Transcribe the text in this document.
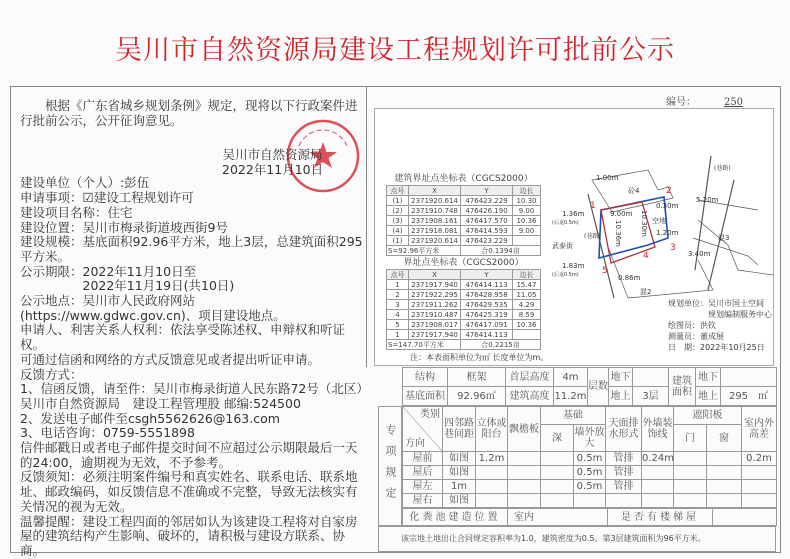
吴川市自然资源局建设工程规划许可批前公示
编号：	250

根据《广东省城乡规划条例》规定，现将以下行政案件进行批前公示，公开征询意见。

建设单位（个人）:彭伍

申请事项：☑建设工程规划许可

建设项目名称：住宅

建设位置：吴川市梅录街道坡西街9号

建设规模：基底面积92.96平方米，地上3层，总建筑面积295平方米。

公示期限：2022年11月10日至

　　　　　2022年11月19日(共10日)

公示地点：吴川市人民政府网站(https://www.gdwc.gov.cn)、项目建设地点。

申请人、利害关系人权利：依法享受陈述权、申辩权和听证权。

可通过信函和网络的方式反馈意见或者提出听证申请。

反馈方式：

1、信函反馈，请至件：吴川市梅录街道人民东路72号（北区）

吴川市自然资源局　建设工程管理股 邮编:524500

2、发送电子邮件至csgh5562626@163.com

3、电话咨询：0759-5551898

信件邮戳日或者电子邮件提交时间不应超过公示期限最后一天的24:00，逾期视为无效，不予参考。

反馈须知：必须注明案件编号和真实姓名、联系电话、联系地址、邮政编码，如反馈信息不准确或不完整，导致无法核实有关情况的视为无效。

温馨提醒：建设工程四面的邻居如认为该建设工程将对自家房屋的建筑结构产生影响、破坏的，请积极与建设方联系、协商。

吴川市自然资源局
2022年11月10日
建筑界址点坐标表（CGCS2000）
点号	X	Y	边长
(1)	2371920.614	476423.229	10.30
(2)	2371910.748	476426.190	9.00
(3)	2371908.161	476417.570	10.36
(4)	2371918.081	476414.593	9.00
(1)	2371920.614	476423.229	
S=92.96平方米		合0.1394亩	
界址点坐标表（CGCS2000）
点号	X	Y	边长
1	2371917.940	476414.113	15.47
2	2371922.295	476428.958	11.05
3	2371911.262	476429.535	4.29
4	2371910.487	476425.319	8.59
5	2371908.017	476417.091	10.36
1	2371917.940	476414.113	
S=147.70平方米		合0.2215亩	
注：本表面积单位为㎡ 长度单位为m。
1
2
3
4
5
9.00m
10.36m	10.30m
0.30m
1.20m
5.20m
3.40m
1.36m
1.83m
0.86m
1.00m
(后退0.5m)
(后退0.5m)
武泰街
(巷路)
(巷路)
空地
砼4
混3
混2
规划单位：吴川市国土空间
规划编制服务中心
绘图员：洪钦
测量员：董成展
日　期：2022年10月25日
结构	框架	首层高度	4m	层数	地下		建筑面积	地下	
基底面积	92.96㎡	建筑高度	11.2m		地上	3层		地上	295　㎡
专项规定
类别
方向	四邻路巷间距	立体或阳台	飘檐板	基础		天面排水形式	外墙装饰线	遮阳板		室内外高差
				深	墙外放大			门	窗	
屋前	如图	1.2m			0.5m	管排	0.24m			0.2m
屋后	如图				0.5m	管排				
屋左	1m				0.5m	管排				
屋右	如图									
化粪池建造位置	室内	是否有楼梯屋	
该宗地土地出让合同规定容积率为1.0，建筑密度为0.5。第3层建筑面积为96平方米。
